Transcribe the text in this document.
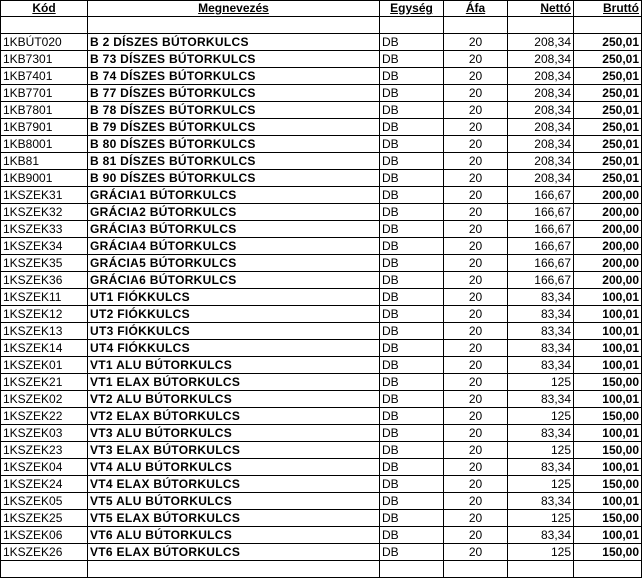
Kód	Megnevezés	Egység	Áfa	Nettó	Bruttó

1KBÚT020	B 2 DÍSZES BÚTORKULCS	DB	20	208,34	250,01
1KB7301	B 73 DÍSZES BÚTORKULCS	DB	20	208,34	250,01
1KB7401	B 74 DÍSZES BÚTORKULCS	DB	20	208,34	250,01
1KB7701	B 77 DÍSZES BÚTORKULCS	DB	20	208,34	250,01
1KB7801	B 78 DÍSZES BÚTORKULCS	DB	20	208,34	250,01
1KB7901	B 79 DÍSZES BÚTORKULCS	DB	20	208,34	250,01
1KB8001	B 80 DÍSZES BÚTORKULCS	DB	20	208,34	250,01
1KB81	B 81 DÍSZES BÚTORKULCS	DB	20	208,34	250,01
1KB9001	B 90 DÍSZES BÚTORKULCS	DB	20	208,34	250,01
1KSZEK31	GRÁCIA1 BÚTORKULCS	DB	20	166,67	200,00
1KSZEK32	GRÁCIA2 BÚTORKULCS	DB	20	166,67	200,00
1KSZEK33	GRÁCIA3 BÚTORKULCS	DB	20	166,67	200,00
1KSZEK34	GRÁCIA4 BÚTORKULCS	DB	20	166,67	200,00
1KSZEK35	GRÁCIA5 BÚTORKULCS	DB	20	166,67	200,00
1KSZEK36	GRÁCIA6 BÚTORKULCS	DB	20	166,67	200,00
1KSZEK11	UT1 FIÓKKULCS	DB	20	83,34	100,01
1KSZEK12	UT2 FIÓKKULCS	DB	20	83,34	100,01
1KSZEK13	UT3 FIÓKKULCS	DB	20	83,34	100,01
1KSZEK14	UT4 FIÓKKULCS	DB	20	83,34	100,01
1KSZEK01	VT1 ALU BÚTORKULCS	DB	20	83,34	100,01
1KSZEK21	VT1 ELAX BÚTORKULCS	DB	20	125	150,00
1KSZEK02	VT2 ALU BÚTORKULCS	DB	20	83,34	100,01
1KSZEK22	VT2 ELAX BÚTORKULCS	DB	20	125	150,00
1KSZEK03	VT3 ALU BÚTORKULCS	DB	20	83,34	100,01
1KSZEK23	VT3 ELAX BÚTORKULCS	DB	20	125	150,00
1KSZEK04	VT4 ALU BÚTORKULCS	DB	20	83,34	100,01
1KSZEK24	VT4 ELAX BÚTORKULCS	DB	20	125	150,00
1KSZEK05	VT5 ALU BÚTORKULCS	DB	20	83,34	100,01
1KSZEK25	VT5 ELAX BÚTORKULCS	DB	20	125	150,00
1KSZEK06	VT6 ALU BÚTORKULCS	DB	20	83,34	100,01
1KSZEK26	VT6 ELAX BÚTORKULCS	DB	20	125	150,00
